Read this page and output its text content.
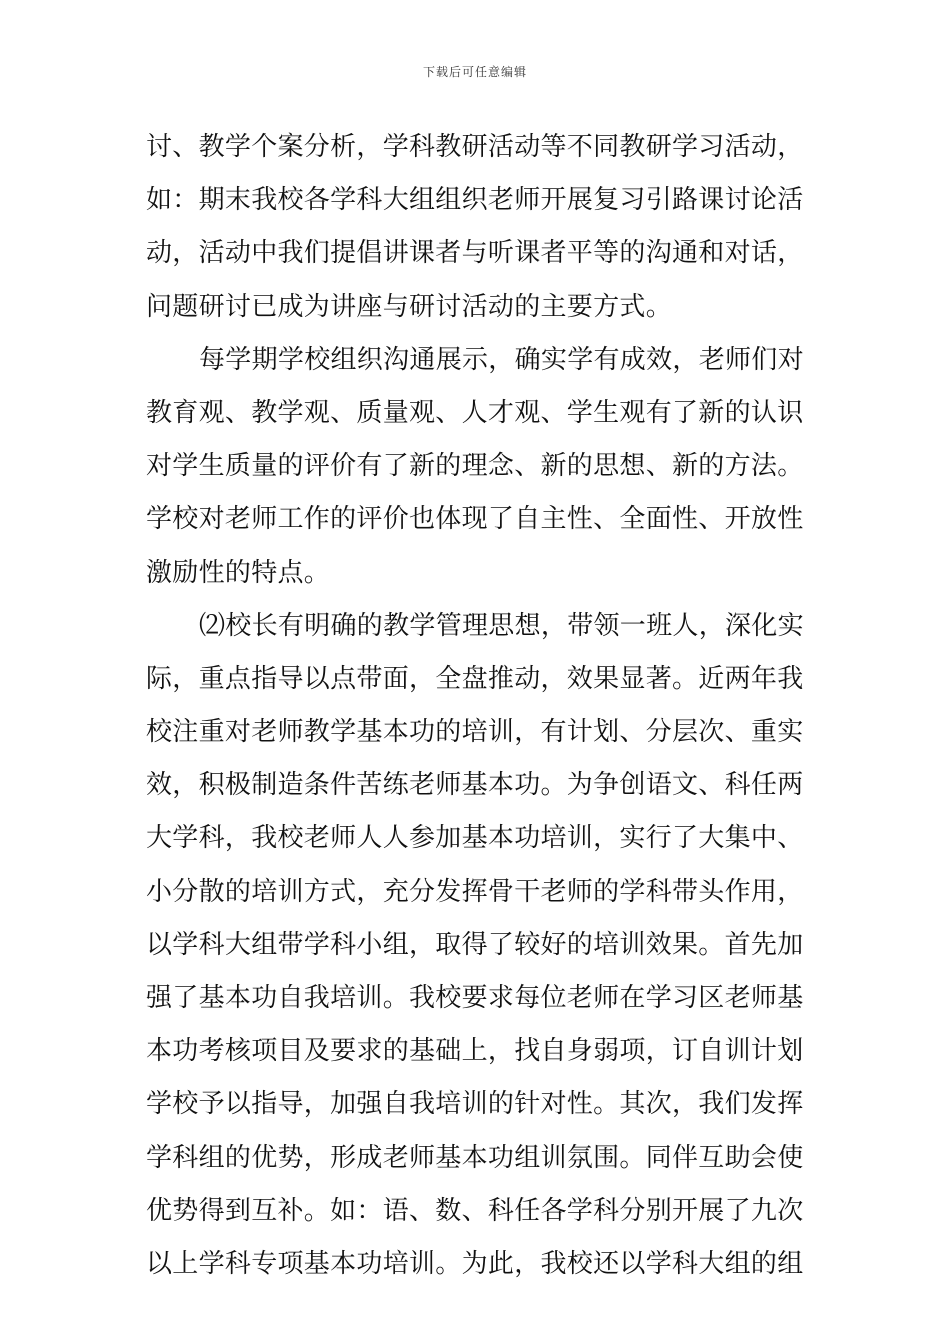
下载后可任意编辑
讨、教学个案分析，学科教研活动等不同教研学习活动，
如：期末我校各学科大组组织老师开展复习引路课讨论活
动，活动中我们提倡讲课者与听课者平等的沟通和对话，
问题研讨已成为讲座与研讨活动的主要方式。
每学期学校组织沟通展示，确实学有成效，老师们对
教育观、教学观、质量观、人才观、学生观有了新的认识
对学生质量的评价有了新的理念、新的思想、新的方法。
学校对老师工作的评价也体现了自主性、全面性、开放性
激励性的特点。
⑵校长有明确的教学管理思想，带领一班人，深化实
际，重点指导以点带面，全盘推动，效果显著。近两年我
校注重对老师教学基本功的培训，有计划、分层次、重实
效，积极制造条件苦练老师基本功。为争创语文、科任两
大学科，我校老师人人参加基本功培训，实行了大集中、
小分散的培训方式，充分发挥骨干老师的学科带头作用，
以学科大组带学科小组，取得了较好的培训效果。首先加
强了基本功自我培训。我校要求每位老师在学习区老师基
本功考核项目及要求的基础上，找自身弱项，订自训计划
学校予以指导，加强自我培训的针对性。其次，我们发挥
学科组的优势，形成老师基本功组训氛围。同伴互助会使
优势得到互补。如：语、数、科任各学科分别开展了九次
以上学科专项基本功培训。为此，我校还以学科大组的组
